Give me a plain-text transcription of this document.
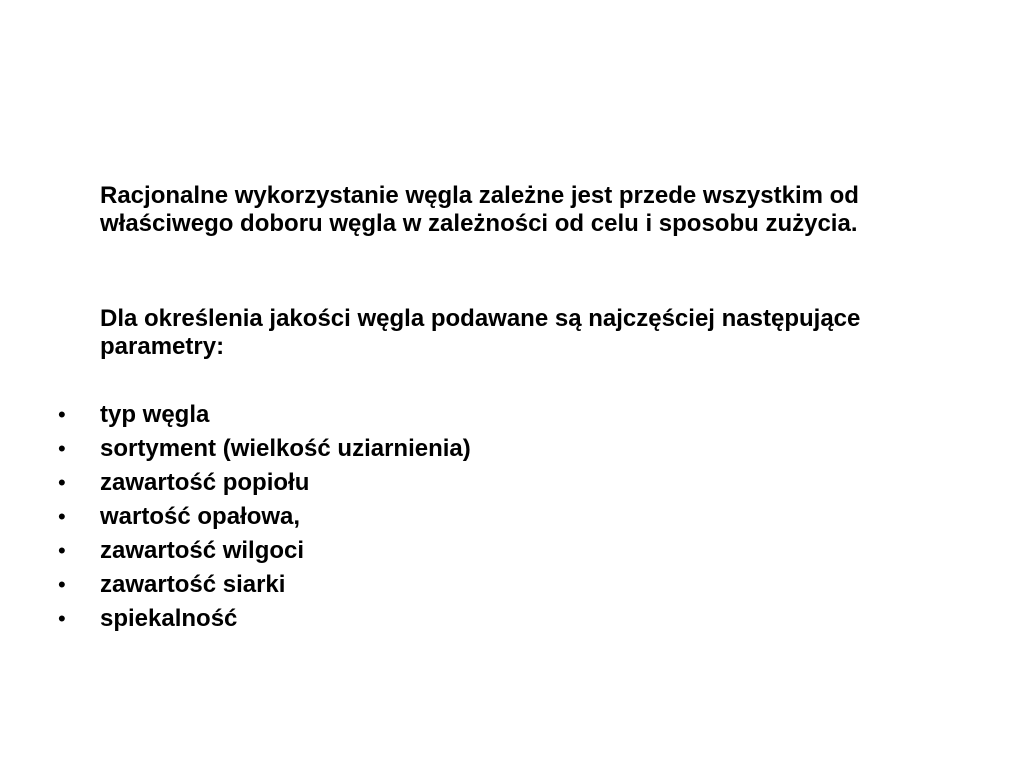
Racjonalne wykorzystanie węgla zależne jest przede wszystkim od właściwego doboru węgla w zależności od celu i sposobu zużycia.

Dla określenia jakości węgla podawane są najczęściej następujące parametry:

• typ węgla
• sortyment (wielkość uziarnienia)
• zawartość popiołu
• wartość opałowa,
• zawartość wilgoci
• zawartość siarki
• spiekalność
